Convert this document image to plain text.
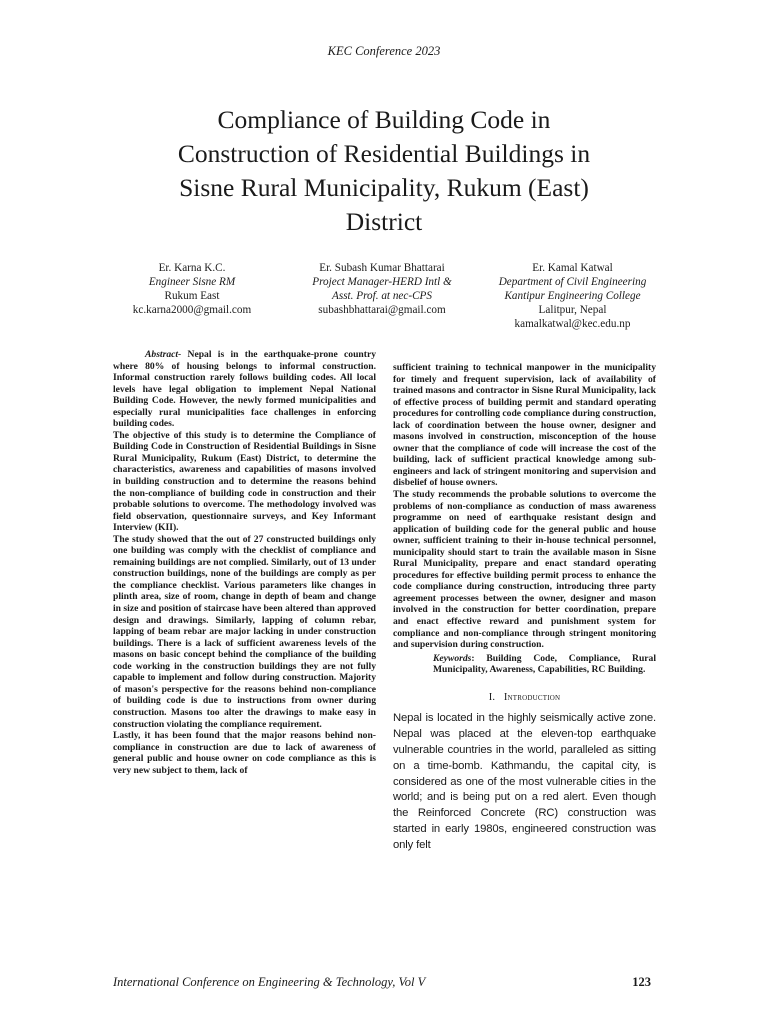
KEC Conference 2023
Compliance of Building Code in
Construction of Residential Buildings in
Sisne Rural Municipality, Rukum (East)
District
Er. Karna K.C.
Engineer Sisne RM
Rukum East
kc.karna2000@gmail.com
Er. Subash Kumar Bhattarai
Project Manager-HERD Intl &
Asst. Prof. at nec-CPS
subashbhattarai@gmail.com
Er. Kamal Katwal
Department of Civil Engineering
Kantipur Engineering College
Lalitpur, Nepal
kamalkatwal@kec.edu.np

Abstract- Nepal is in the earthquake-prone country where 80% of housing belongs to informal construction. Informal construction rarely follows building codes. All local levels have legal obligation to implement Nepal National Building Code. However, the newly formed municipalities and especially rural municipalities face challenges in enforcing building codes.

The objective of this study is to determine the Compliance of Building Code in Construction of Residential Buildings in Sisne Rural Municipality, Rukum (East) District, to determine the characteristics, awareness and capabilities of masons involved in building construction and to determine the reasons behind the non-compliance of building code in construction and their probable solutions to overcome. The methodology involved was field observation, questionnaire surveys, and Key Informant Interview (KII).

The study showed that the out of 27 constructed buildings only one building was comply with the checklist of compliance and remaining buildings are not complied. Similarly, out of 13 under construction buildings, none of the buildings are comply as per the compliance checklist. Various parameters like changes in plinth area, size of room, change in depth of beam and change in size and position of staircase have been altered than approved design and drawings. Similarly, lapping of column rebar, lapping of beam rebar are major lacking in under construction buildings. There is a lack of sufficient awareness levels of the masons on basic concept behind the compliance of the building code working in the construction buildings they are not fully capable to implement and follow during construction. Majority of mason's perspective for the reasons behind non-compliance of building code is due to instructions from owner during construction. Masons too alter the drawings to make easy in construction violating the compliance requirement.

Lastly, it has been found that the major reasons behind non-compliance in construction are due to lack of awareness of general public and house owner on code compliance as this is very new subject to them, lack of

sufficient training to technical manpower in the municipality for timely and frequent supervision, lack of availability of trained masons and contractor in Sisne Rural Municipality, lack of effective process of building permit and standard operating procedures for controlling code compliance during construction, lack of coordination between the house owner, designer and masons involved in construction, misconception of the house owner that the compliance of code will increase the cost of the building, lack of sufficient practical knowledge among sub-engineers and lack of stringent monitoring and supervision and disbelief of house owners.

The study recommends the probable solutions to overcome the problems of non-compliance as conduction of mass awareness programme on need of earthquake resistant design and application of building code for the general public and house owner, sufficient training to their in-house technical personnel, municipality should start to train the available mason in Sisne Rural Municipality, prepare and enact standard operating procedures for effective building permit process to enhance the code compliance during construction, introducing three party agreement processes between the owner, designer and mason involved in the construction for better coordination, prepare and enact effective reward and punishment system for compliance and non-compliance through stringent monitoring and supervision during construction.

Keywords: Building Code, Compliance, Rural Municipality, Awareness, Capabilities, RC Building.

I. Introduction

Nepal is located in the highly seismically active zone. Nepal was placed at the eleven-top earthquake vulnerable countries in the world, paralleled as sitting on a time-bomb. Kathmandu, the capital city, is considered as one of the most vulnerable cities in the world; and is being put on a red alert. Even though the Reinforced Concrete (RC) construction was started in early 1980s, engineered construction was only felt

International Conference on Engineering & Technology, Vol V	123
